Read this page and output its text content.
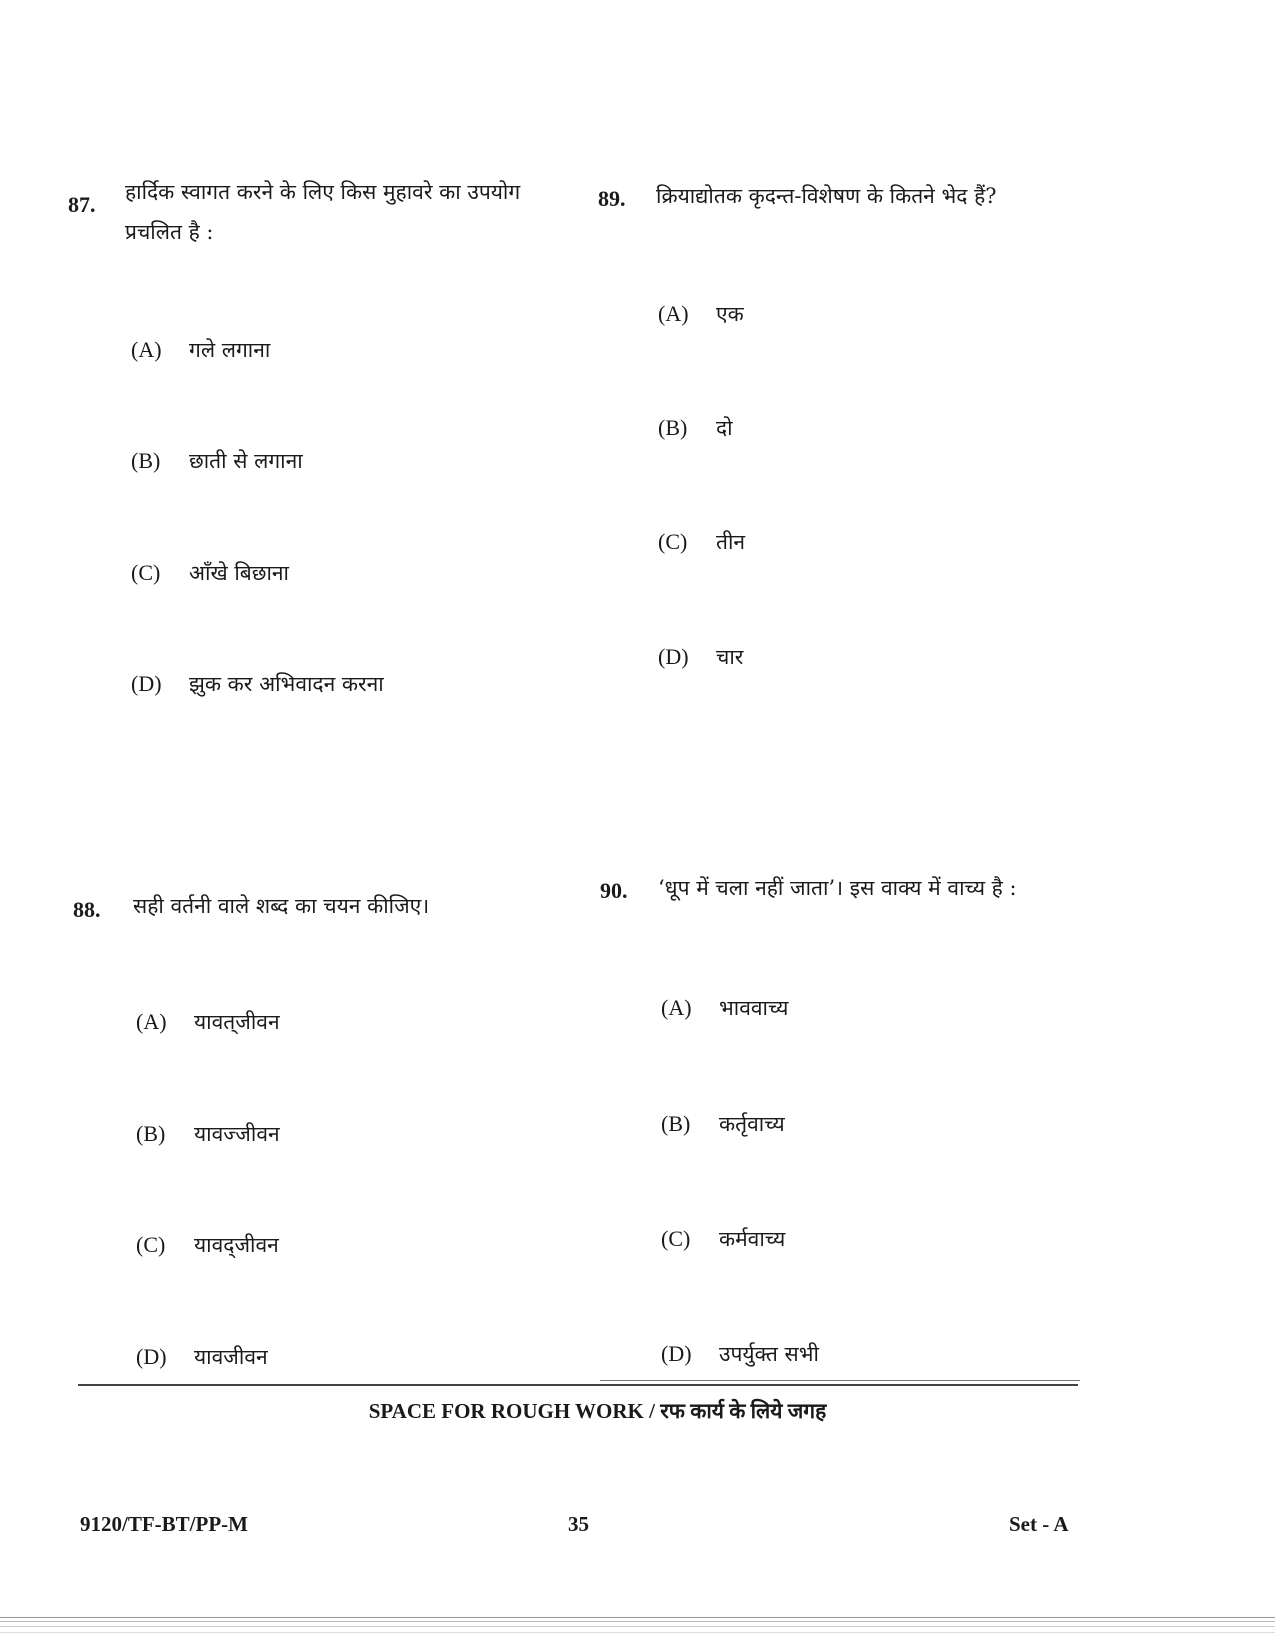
87. हार्दिक स्वागत करने के लिए किस मुहावरे का उपयोग
प्रचलित है :
(A) गले लगाना
(B) छाती से लगाना
(C) आँखे बिछाना
(D) झुक कर अभिवादन करना
89. क्रियाद्योतक कृदन्त-विशेषण के कितने भेद हैं?
(A) एक
(B) दो
(C) तीन
(D) चार
88. सही वर्तनी वाले शब्द का चयन कीजिए।
(A) यावत्‌जीवन
(B) यावज्जीवन
(C) यावद्‌जीवन
(D) यावजीवन
90. ‘धूप में चला नहीं जाता’। इस वाक्य में वाच्य है :
(A) भाववाच्य
(B) कर्तृवाच्य
(C) कर्मवाच्य
(D) उपर्युक्त सभी
SPACE FOR ROUGH WORK / रफ कार्य के लिये जगह
9120/TF-BT/PP-M	35	Set - A
